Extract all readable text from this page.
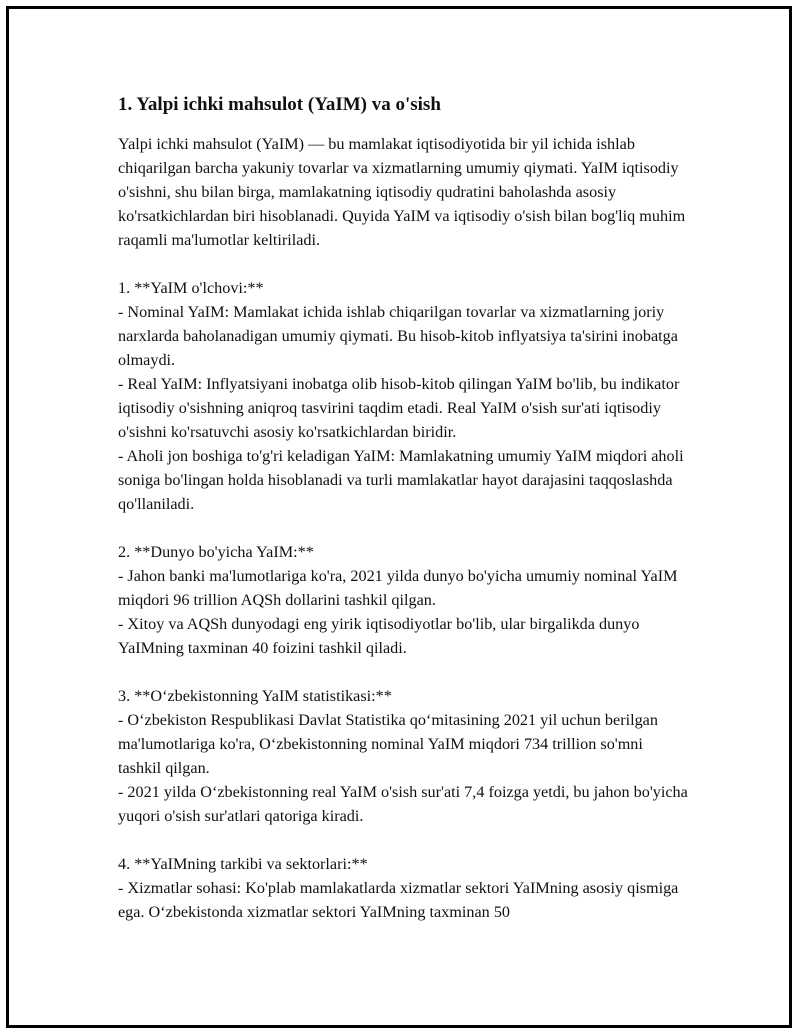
1. Yalpi ichki mahsulot (YaIM) va o'sish

Yalpi ichki mahsulot (YaIM) — bu mamlakat iqtisodiyotida bir yil ichida ishlab chiqarilgan barcha yakuniy tovarlar va xizmatlarning umumiy qiymati. YaIM iqtisodiy o'sishni, shu bilan birga, mamlakatning iqtisodiy qudratini baholashda asosiy ko'rsatkichlardan biri hisoblanadi. Quyida YaIM va iqtisodiy o'sish bilan bog'liq muhim raqamli ma'lumotlar keltiriladi.

1. **YaIM o'lchovi:**
- Nominal YaIM: Mamlakat ichida ishlab chiqarilgan tovarlar va xizmatlarning joriy narxlarda baholanadigan umumiy qiymati. Bu hisob-kitob inflyatsiya ta'sirini inobatga olmaydi.
- Real YaIM: Inflyatsiyani inobatga olib hisob-kitob qilingan YaIM bo'lib, bu indikator iqtisodiy o'sishning aniqroq tasvirini taqdim etadi. Real YaIM o'sish sur'ati iqtisodiy o'sishni ko'rsatuvchi asosiy ko'rsatkichlardan biridir.
- Aholi jon boshiga to'g'ri keladigan YaIM: Mamlakatning umumiy YaIM miqdori aholi soniga bo'lingan holda hisoblanadi va turli mamlakatlar hayot darajasini taqqoslashda qo'llaniladi.

2. **Dunyo bo'yicha YaIM:**
- Jahon banki ma'lumotlariga ko'ra, 2021 yilda dunyo bo'yicha umumiy nominal YaIM miqdori 96 trillion AQSh dollarini tashkil qilgan.
- Xitoy va AQSh dunyodagi eng yirik iqtisodiyotlar bo'lib, ular birgalikda dunyo YaIMning taxminan 40 foizini tashkil qiladi.

3. **O‘zbekistonning YaIM statistikasi:**
- O‘zbekiston Respublikasi Davlat Statistika qo‘mitasining 2021 yil uchun berilgan ma'lumotlariga ko'ra, O‘zbekistonning nominal YaIM miqdori 734 trillion so'mni tashkil qilgan.
- 2021 yilda O‘zbekistonning real YaIM o'sish sur'ati 7,4 foizga yetdi, bu jahon bo'yicha yuqori o'sish sur'atlari qatoriga kiradi.

4. **YaIMning tarkibi va sektorlari:**
- Xizmatlar sohasi: Ko'plab mamlakatlarda xizmatlar sektori YaIMning asosiy qismiga ega. O‘zbekistonda xizmatlar sektori YaIMning taxminan 50
